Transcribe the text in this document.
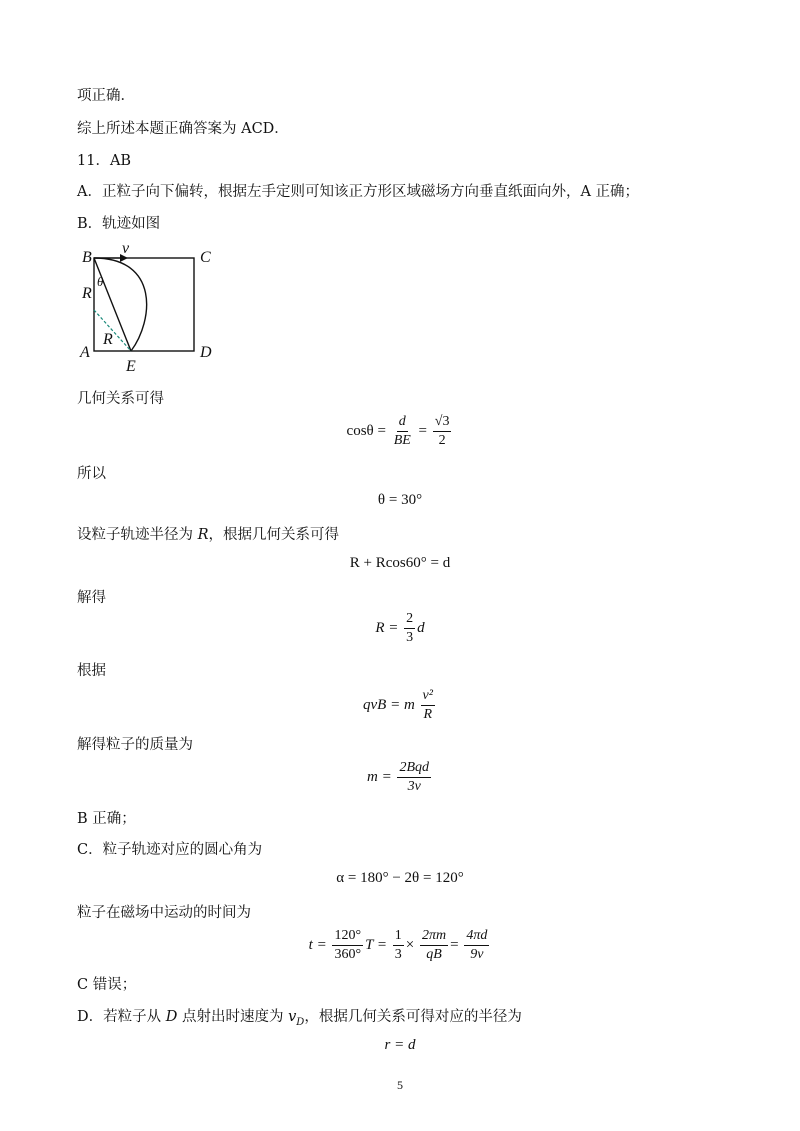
项正确．
综上所述本题正确答案为 ACD．
11．AB
A．正粒子向下偏转，根据左手定则可知该正方形区域磁场方向垂直纸面向外，A 正确；
B．轨迹如图
B
v
C
R
θ
A
R
D
E
几何关系可得
$\cos\theta = \frac{d}{BE} = \frac{√3}{2}$
所以
θ = 30°
设粒子轨迹半径为 R，根据几何关系可得
R + Rcos60° = d
解得
$R = \frac{2}{3}$ d
根据
qvB = m $\frac{\text{v²}}{R}$
解得粒子的质量为
$m = \frac{\text{2Bqd}}{3v}$
B 正确；
C．粒子轨迹对应的圆心角为
α = 180° − 2θ = 120°
粒子在磁场中运动的时间为
$t = \frac{120^\circ}{360^\circ}$ $T = \frac{1}{3} \times \frac{2\pi m}{qB} = \frac{4\pi d}{9v}$
C 错误；
D．若粒子从 D 点射出时速度为 $v_D$，根据几何关系可得对应的半径为
r = d
5
